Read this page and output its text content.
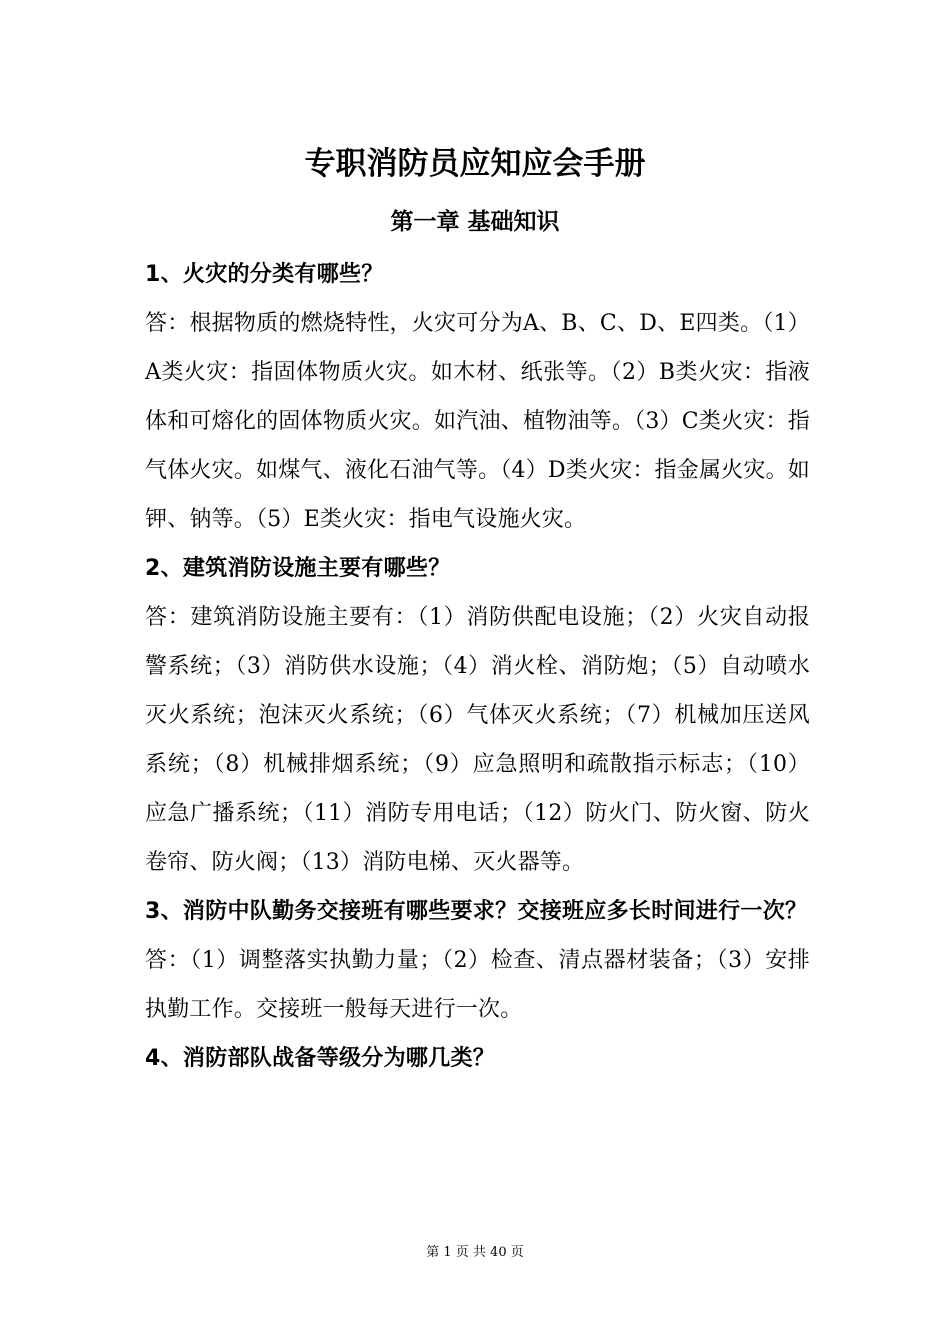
专职消防员应知应会手册
第一章 基础知识

1、火灾的分类有哪些？

答：根据物质的燃烧特性，火灾可分为A、B、C、D、E四类。（1）A类火灾：指固体物质火灾。如木材、纸张等。（2）B类火灾：指液体和可熔化的固体物质火灾。如汽油、植物油等。（3）C类火灾：指气体火灾。如煤气、液化石油气等。（4）D类火灾：指金属火灾。如钾、钠等。（5）E类火灾：指电气设施火灾。

2、建筑消防设施主要有哪些？

答：建筑消防设施主要有：（1）消防供配电设施；（2）火灾自动报警系统；（3）消防供水设施；（4）消火栓、消防炮；（5）自动喷水灭火系统；泡沫灭火系统；（6）气体灭火系统；（7）机械加压送风系统；（8）机械排烟系统；（9）应急照明和疏散指示标志；（10）应急广播系统；（11）消防专用电话；（12）防火门、防火窗、防火卷帘、防火阀；（13）消防电梯、灭火器等。

3、消防中队勤务交接班有哪些要求？交接班应多长时间进行一次？

答：（1）调整落实执勤力量；（2）检查、清点器材装备；（3）安排执勤工作。交接班一般每天进行一次。

4、消防部队战备等级分为哪几类？

第 1 页 共 40 页
